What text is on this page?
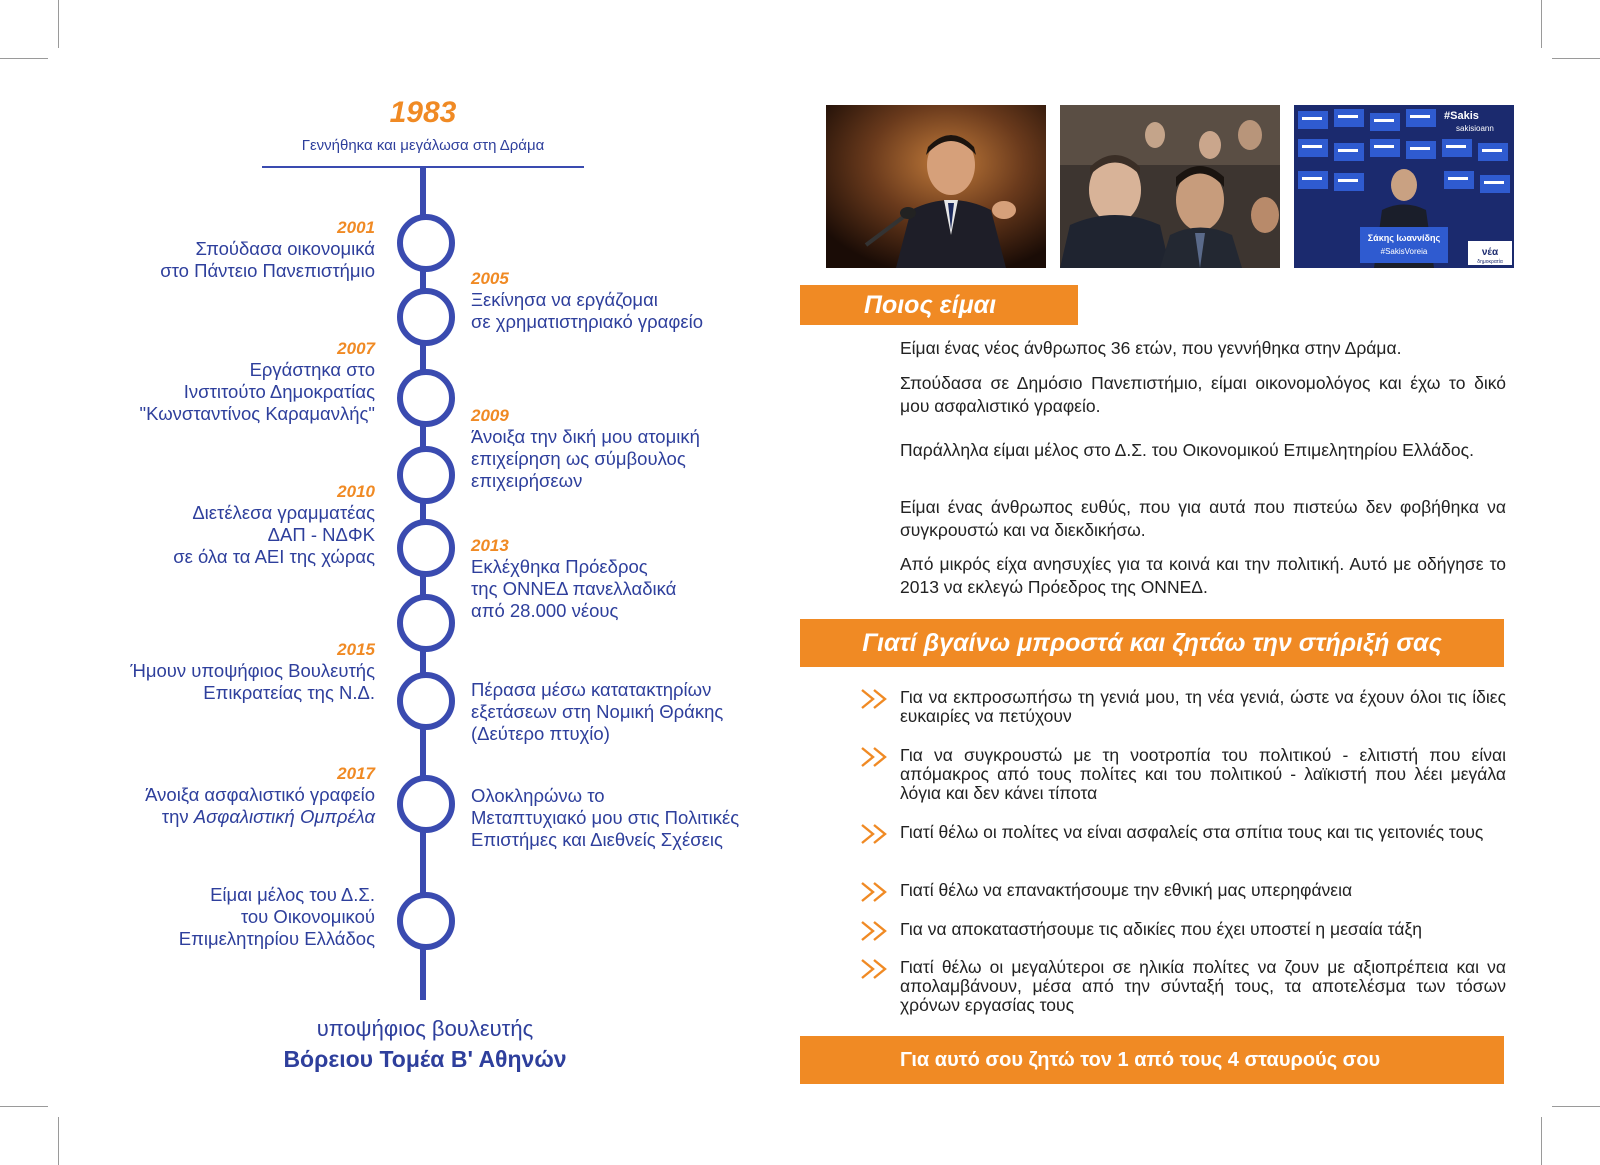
1983
Γεννήθηκα και μεγάλωσα στη Δράμα
2001
Σπούδασα οικονομικά
στο Πάντειο Πανεπιστήμιο	2005
Ξεκίνησα να εργάζομαι
σε χρηματιστηριακό γραφείο
2007
Εργάστηκα στο
Ινστιτούτο Δημοκρατίας
"Κωνσταντίνος Καραμανλής"	2009
Άνοιξα την δική μου ατομική
επιχείρηση ως σύμβουλος
επιχειρήσεων
2010
Διετέλεσα γραμματέας
ΔΑΠ - ΝΔΦΚ
σε όλα τα ΑΕΙ της χώρας
2013
Εκλέχθηκα Πρόεδρος
της ΟΝΝΕΔ πανελλαδικά
από 28.000 νέους
2015
Ήμουν υποψήφιος Βουλευτής
Επικρατείας της Ν.Δ.	Πέρασα μέσω κατατακτηρίων
εξετάσεων στη Νομική Θράκης
(Δεύτερο πτυχίο)
2017
Άνοιξα ασφαλιστικό γραφείο
την Ασφαλιστική Ομπρέλα
Ολοκληρώνω το
Μεταπτυχιακό μου στις Πολιτικές
Επιστήμες και Διεθνείς Σχέσεις
Είμαι μέλος του Δ.Σ.
του Οικονομικού
Επιμελητηρίου Ελλάδος
υποψήφιος βουλευτής
Βόρειου Τομέα Β' Αθηνών
#Sakis
sakisioann
Σάκης Ιωαννίδης
#SakisVoreia	νέα
δημοκρατία
Ποιος είμαι
Είμαι ένας νέος άνθρωπος 36 ετών, που γεννήθηκα στην Δράμα.
Σπούδασα σε Δημόσιο Πανεπιστήμιο, είμαι οικονομολόγος και έχω το δικό μου ασφαλιστικό γραφείο.
Παράλληλα είμαι μέλος στο Δ.Σ. του Οικονομικού Επιμελητηρίου Ελλάδος.
Είμαι ένας άνθρωπος ευθύς, που για αυτά που πιστεύω δεν φοβήθηκα να συγκρουστώ και να διεκδικήσω.
Από μικρός είχα ανησυχίες για τα κοινά και την πολιτική. Αυτό με οδήγησε το 2013 να εκλεγώ Πρόεδρος της ΟΝΝΕΔ.
Γιατί βγαίνω μπροστά και ζητάω την στήριξή σας
Για να εκπροσωπήσω τη γενιά μου, τη νέα γενιά, ώστε να έχουν όλοι τις ίδιες ευκαιρίες να πετύχουν
Για να συγκρουστώ με τη νοοτροπία του πολιτικού - ελιτιστή που είναι απόμακρος από τους πολίτες και του πολιτικού - λαϊκιστή που λέει μεγάλα λόγια και δεν κάνει τίποτα
Γιατί θέλω οι πολίτες να είναι ασφαλείς στα σπίτια τους και τις γειτονιές τους
Γιατί θέλω να επανακτήσουμε την εθνική μας υπερηφάνεια
Για να αποκαταστήσουμε τις αδικίες που έχει υποστεί η μεσαία τάξη
Γιατί θέλω οι μεγαλύτεροι σε ηλικία πολίτες να ζουν με αξιοπρέπεια και να απολαμβάνουν, μέσα από την σύνταξή τους, τα αποτελέσμα των τόσων χρόνων εργασίας τους
Για αυτό σου ζητώ τον 1 από τους 4 σταυρούς σου
